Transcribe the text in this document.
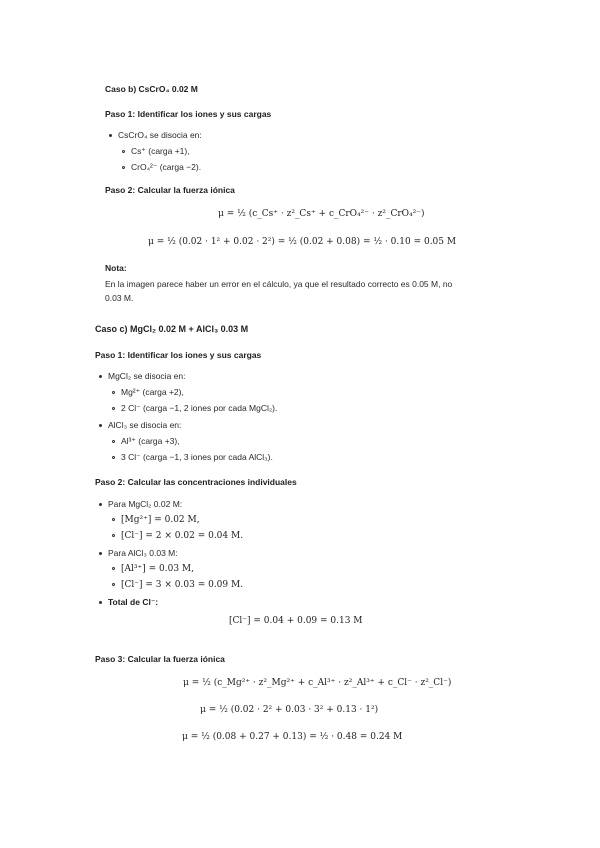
Caso b) CsCrO₄ 0.02 M
Paso 1: Identificar los iones y sus cargas
CsCrO₄ se disocia en:
Cs⁺ (carga +1),
CrO₄²⁻ (carga −2).
Paso 2: Calcular la fuerza iónica
μ = ½ (c_Cs⁺ · z²_Cs⁺ + c_CrO₄²⁻ · z²_CrO₄²⁻)
μ = ½ (0.02 · 1² + 0.02 · 2²) = ½ (0.02 + 0.08) = ½ · 0.10 = 0.05 M
Nota:
En la imagen parece haber un error en el cálculo, ya que el resultado correcto es 0.05 M, no 0.03 M.
Caso c) MgCl₂ 0.02 M + AlCl₃ 0.03 M
Paso 1: Identificar los iones y sus cargas
MgCl₂ se disocia en:
Mg²⁺ (carga +2),
2 Cl⁻ (carga −1, 2 iones por cada MgCl₂).
AlCl₃ se disocia en:
Al³⁺ (carga +3),
3 Cl⁻ (carga −1, 3 iones por cada AlCl₃).
Paso 2: Calcular las concentraciones individuales
Para MgCl₂ 0.02 M:
[Mg²⁺] = 0.02 M,
[Cl⁻] = 2 × 0.02 = 0.04 M.
Para AlCl₃ 0.03 M:
[Al³⁺] = 0.03 M,
[Cl⁻] = 3 × 0.03 = 0.09 M.
Total de Cl⁻:
[Cl⁻] = 0.04 + 0.09 = 0.13 M
Paso 3: Calcular la fuerza iónica
μ = ½ (c_Mg²⁺ · z²_Mg²⁺ + c_Al³⁺ · z²_Al³⁺ + c_Cl⁻ · z²_Cl⁻)
μ = ½ (0.02 · 2² + 0.03 · 3² + 0.13 · 1²)
μ = ½ (0.08 + 0.27 + 0.13) = ½ · 0.48 = 0.24 M
